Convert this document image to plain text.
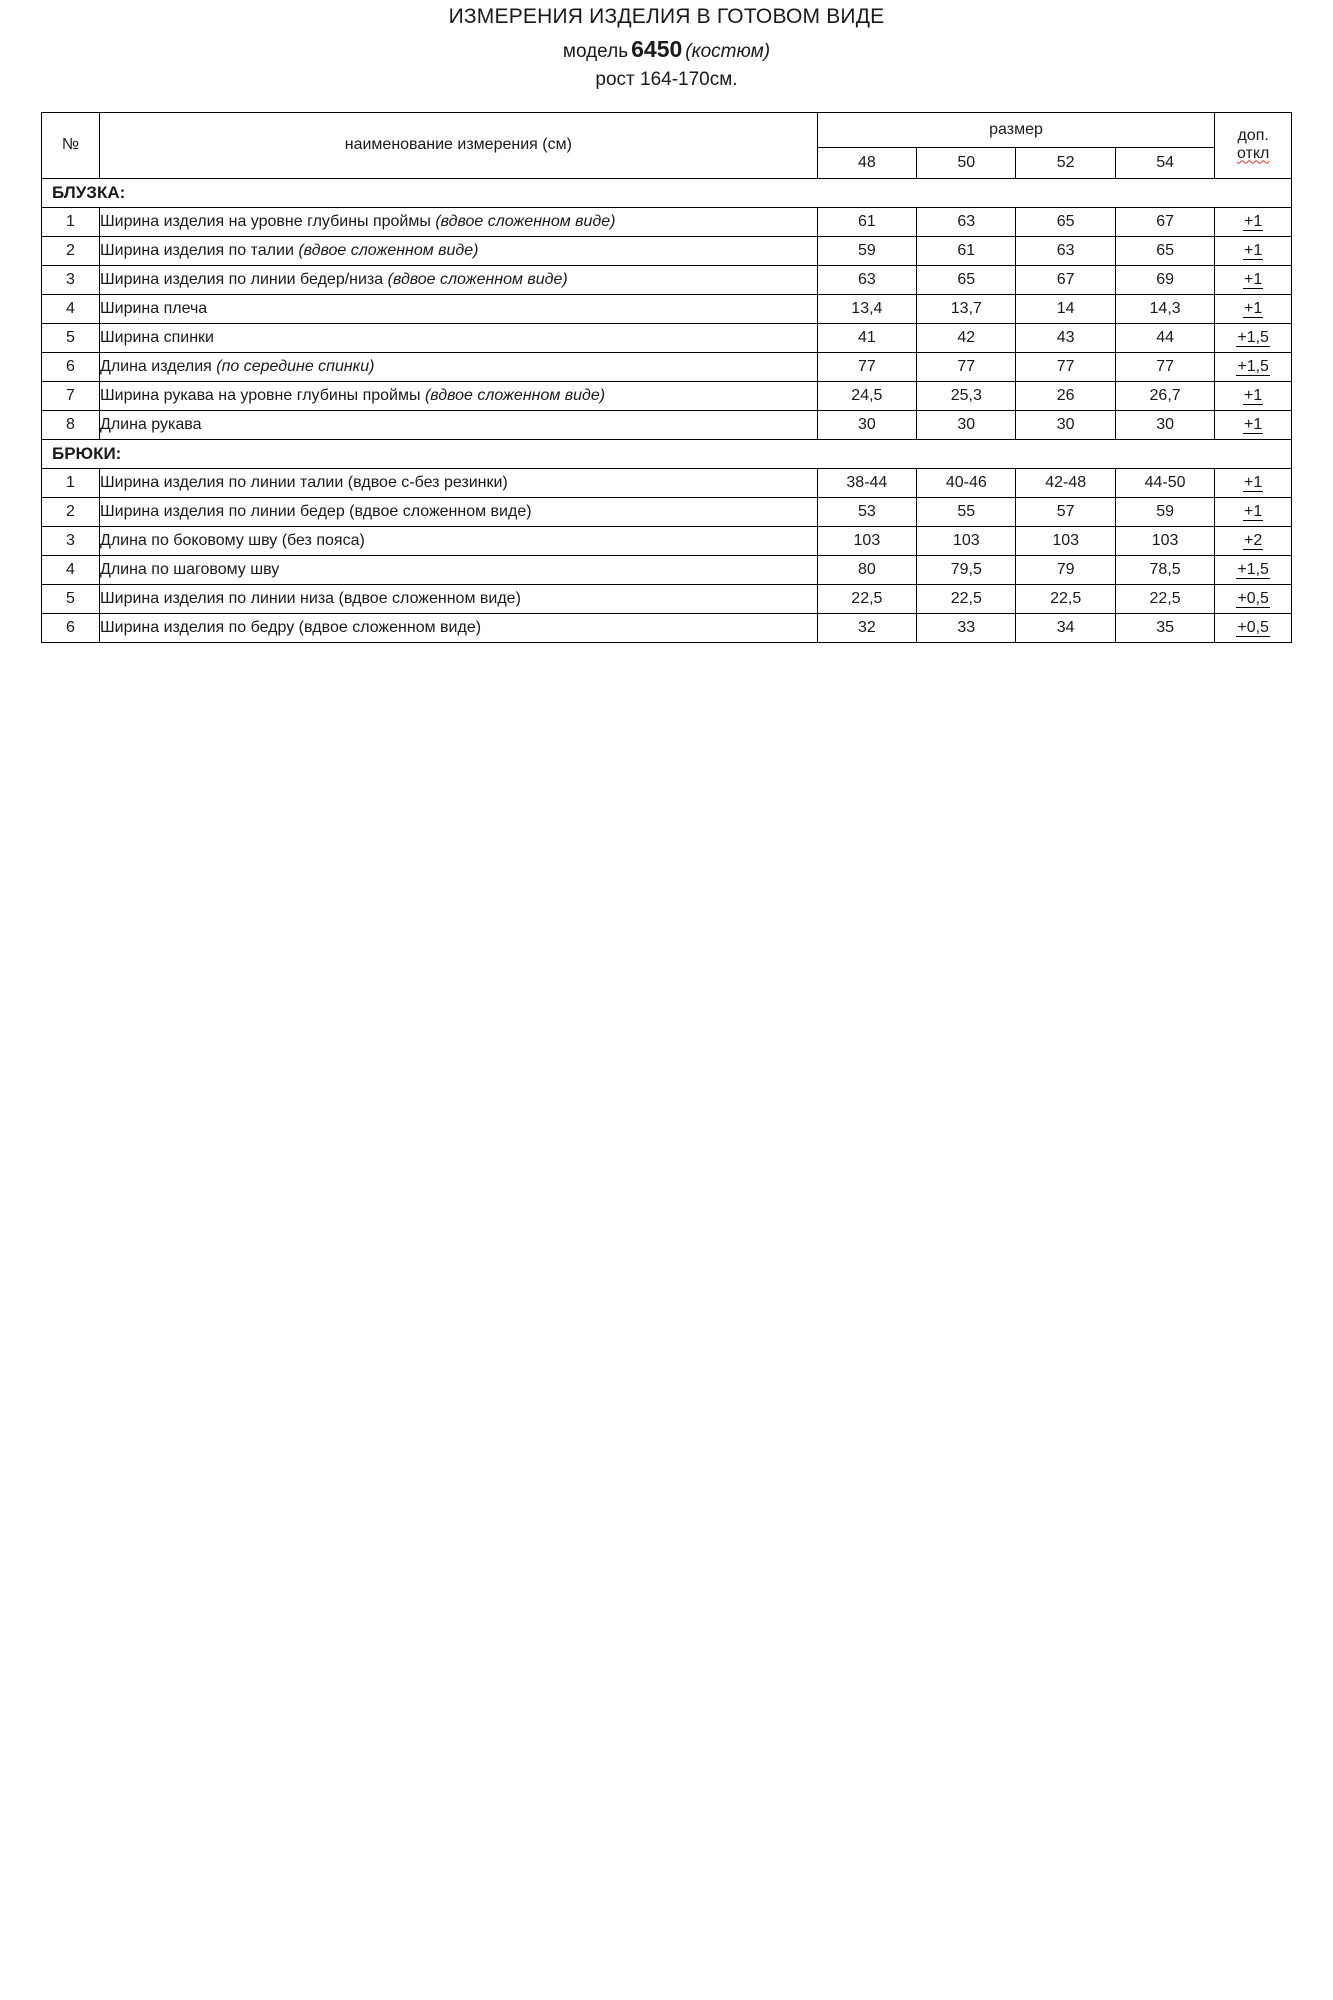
ИЗМЕРЕНИЯ ИЗДЕЛИЯ В ГОТОВОМ ВИДЕ
модель 6450 (костюм)
рост 164-170см.
№	наименование измерения (см)	размер				доп.
откл
		48	50	52	54	
БЛУЗКА:						
1	Ширина изделия на уровне глубины проймы (вдвое сложенном виде)	61	63	65	67	+1
2	Ширина изделия по талии (вдвое сложенном виде)	59	61	63	65	+1
3	Ширина изделия по линии бедер/низа (вдвое сложенном виде)	63	65	67	69	+1
4	Ширина плеча	13,4	13,7	14	14,3	+1
5	Ширина спинки	41	42	43	44	+1,5
6	Длина изделия (по середине спинки)	77	77	77	77	+1,5
7	Ширина рукава на уровне глубины проймы (вдвое сложенном виде)	24,5	25,3	26	26,7	+1
8	Длина рукава	30	30	30	30	+1
БРЮКИ:						
1	Ширина изделия по линии талии (вдвое с-без резинки)	38-44	40-46	42-48	44-50	+1
2	Ширина изделия по линии бедер (вдвое сложенном виде)	53	55	57	59	+1
3	Длина по боковому шву (без пояса)	103	103	103	103	+2
4	Длина по шаговому шву	80	79,5	79	78,5	+1,5
5	Ширина изделия по линии низа (вдвое сложенном виде)	22,5	22,5	22,5	22,5	+0,5
6	Ширина изделия по бедру (вдвое сложенном виде)	32	33	34	35	+0,5
